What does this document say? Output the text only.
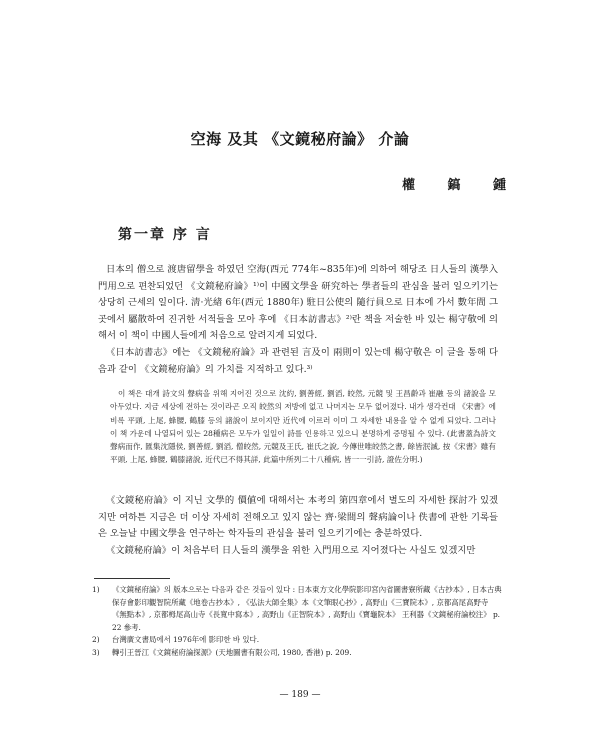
空海 及其 《文鏡秘府論》 介論
權 鎬 鍾
第一章 序 言

日本의 僧으로 渡唐留學을 하였던 空海(西元 774年~835年)에 의하여 해당조 日人들의 漢學入門用으로 편찬되었던 《文鏡秘府論》¹⁾이 中國文學을 研究하는 學者들의 관심을 불러 일으키기는 상당히 근세의 일이다. 淸·光緖 6年(西元 1880年) 駐日公使의 隨行員으로 日本에 가서 數年間 그곳에서 屬散하여 진귀한 서적들을 모아 후에 《日本訪書志》²⁾란 책을 저술한 바 있는 楊守敬에 의해서 이 책이 中國人들에게 처음으로 알려지게 되었다.

《日本訪書志》에는 《文鏡秘府論》과 관련된 言及이 兩則이 있는데 楊守敬은 이 글을 통해 다음과 같이 《文鏡秘府論》의 가치를 지적하고 있다.³⁾

이 책은 대개 詩文의 聲病을 위해 지어진 것으로 沈約, 劉善經, 劉滔, 皎然, 元競 및 王昌齡과 崔融 등의 諸說을 모아두었다. 지금 세상에 전하는 것이라곤 오직 皎然의 저방에 없고 나머지는 모두 없어졌다. 내가 생각컨대 《宋書》에 비록 平頭, 上尾, 蜂腰, 鶴膝 등의 諸說이 보이지만 近代에 이르러 이미 그 자세한 내용을 알 수 없게 되었다. 그러나 이 책 가운데 나열되어 있는 28種病은 모두가 일일이 詩를 인용하고 있으니 분명하게 증명될 수 있다. (此書蓋為詩文聲病而作, 匯集沈隱侯, 劉善經, 劉滔, 僧皎然, 元競及王氏, 崔氏之說, 今傳世唯皎然之書, 餘皆泯滅, 按《宋書》雖有平頭, 上尾, 蜂腰, 鶴膝諸說, 近代已不得其詳, 此篇中所列二十八種病, 皆一一引詩, 證佐分明.)

《文鏡秘府論》이 지닌 文學的 價値에 대해서는 本考의 第四章에서 별도의 자세한 探討가 있겠지만 여하튼 지금은 더 이상 자세히 전해오고 있지 않는 齊·梁間의 聲病論이나 佚書에 관한 기록들은 오늘날 中國文學을 연구하는 학자들의 관심을 불러 일으키기에는 충분하였다.

《文鏡秘府論》이 처음부터 日人들의 漢學을 위한 入門用으로 지어졌다는 사실도 있겠지만

1)	《文鏡秘府論》의 版本으로는 다음과 같은 것들이 있다 : 日本東方文化學院影印宮內省圖書寮所藏《古抄本》, 日本古典保存會影印觀智院所藏《地卷古抄本》, 《弘法大師全集》本《文筆眼心抄》, 高野山《三寶院本》, 京都高尾高野寺《無點本》, 京都栂尾高山寺《長寬中寫本》, 高野山《正智院本》, 高野山《寶龜院本》 王利器《文鏡秘府論校注》 p. 22 參考.
2)	台灣廣文書局에서 1976年에 影印한 바 있다.
3)	轉引王晉江《文鏡秘府論探源》(天地圖書有限公司, 1980, 香港) p. 209.
— 189 —
